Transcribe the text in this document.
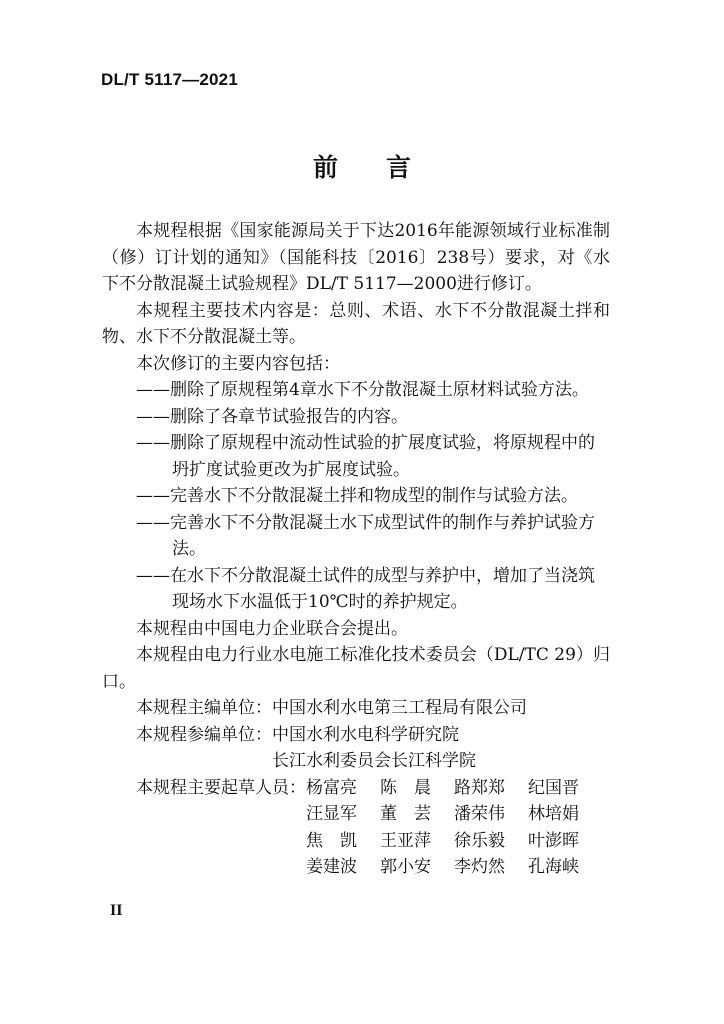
DL/T 5117—2021
前 言

本规程根据《国家能源局关于下达2016年能源领域行业标准制（修）订计划的通知》（国能科技〔2016〕238号）要求，对《水下不分散混凝土试验规程》DL/T 5117—2000进行修订。

本规程主要技术内容是：总则、术语、水下不分散混凝土拌和物、水下不分散混凝土等。

本次修订的主要内容包括：

——删除了原规程第4章水下不分散混凝土原材料试验方法。

——删除了各章节试验报告的内容。

——删除了原规程中流动性试验的扩展度试验，将原规程中的坍扩度试验更改为扩展度试验。

——完善水下不分散混凝土拌和物成型的制作与试验方法。

——完善水下不分散混凝土水下成型试件的制作与养护试验方法。

——在水下不分散混凝土试件的成型与养护中，增加了当浇筑现场水下水温低于10℃时的养护规定。

本规程由中国电力企业联合会提出。

本规程由电力行业水电施工标准化技术委员会（DL/TC 29）归口。

本规程主编单位： 中国水利水电第三工程局有限公司
本规程参编单位： 中国水利水电科学研究院
长江水利委员会长江科学院
本规程主要起草人员： 杨富亮	陈　晨	路郑郑	纪国晋
汪显军	董　芸	潘荣伟	林培娟
焦　凯	王亚萍	徐乐毅	叶澎晖
姜建波	郭小安	李灼然	孔海峡
II
